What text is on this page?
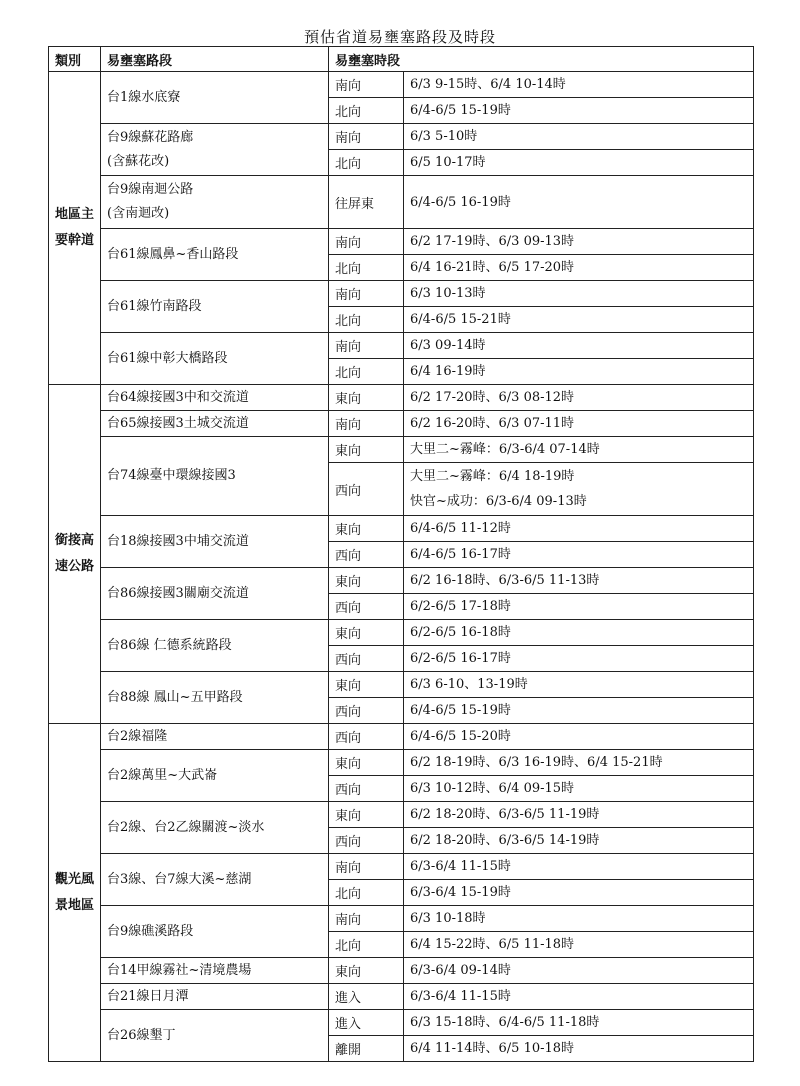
預估省道易壅塞路段及時段
類別	易壅塞路段	易壅塞時段	

地區主
要幹道	台1線水底寮	南向	6/3 9-15時、6/4 10-14時

		北向	6/4-6/5 15-19時

	台9線蘇花路廊
(含蘇花改)	南向	6/3 5-10時

		北向	6/5 10-17時

	台9線南迴公路
(含南迴改)	往屏東	6/4-6/5 16-19時

	台61線鳳鼻~香山路段	南向	6/2 17-19時、6/3 09-13時

		北向	6/4 16-21時、6/5 17-20時

	台61線竹南路段	南向	6/3 10-13時

		北向	6/4-6/5 15-21時

	台61線中彰大橋路段	南向	6/3 09-14時

		北向	6/4 16-19時

銜接高
速公路	台64線接國3中和交流道	東向	6/2 17-20時、6/3 08-12時

	台65線接國3土城交流道	南向	6/2 16-20時、6/3 07-11時

	台74線臺中環線接國3	東向	大里二~霧峰：6/3-6/4 07-14時

		西向	大里二~霧峰：6/4 18-19時
快官~成功：6/3-6/4 09-13時

	台18線接國3中埔交流道	東向	6/4-6/5 11-12時

		西向	6/4-6/5 16-17時

	台86線接國3關廟交流道	東向	6/2 16-18時、6/3-6/5 11-13時

		西向	6/2-6/5 17-18時

	台86線 仁德系統路段	東向	6/2-6/5 16-18時

		西向	6/2-6/5 16-17時

	台88線 鳳山~五甲路段	東向	6/3 6-10、13-19時

		西向	6/4-6/5 15-19時

觀光風
景地區	台2線福隆	西向	6/4-6/5 15-20時

	台2線萬里~大武崙	東向	6/2 18-19時、6/3 16-19時、6/4 15-21時

		西向	6/3 10-12時、6/4 09-15時

	台2線、台2乙線關渡~淡水	東向	6/2 18-20時、6/3-6/5 11-19時

		西向	6/2 18-20時、6/3-6/5 14-19時

	台3線、台7線大溪~慈湖	南向	6/3-6/4 11-15時

		北向	6/3-6/4 15-19時

	台9線礁溪路段	南向	6/3 10-18時

		北向	6/4 15-22時、6/5 11-18時

	台14甲線霧社~清境農場	東向	6/3-6/4 09-14時

	台21線日月潭	進入	6/3-6/4 11-15時

	台26線墾丁	進入	6/3 15-18時、6/4-6/5 11-18時

		離開	6/4 11-14時、6/5 10-18時
